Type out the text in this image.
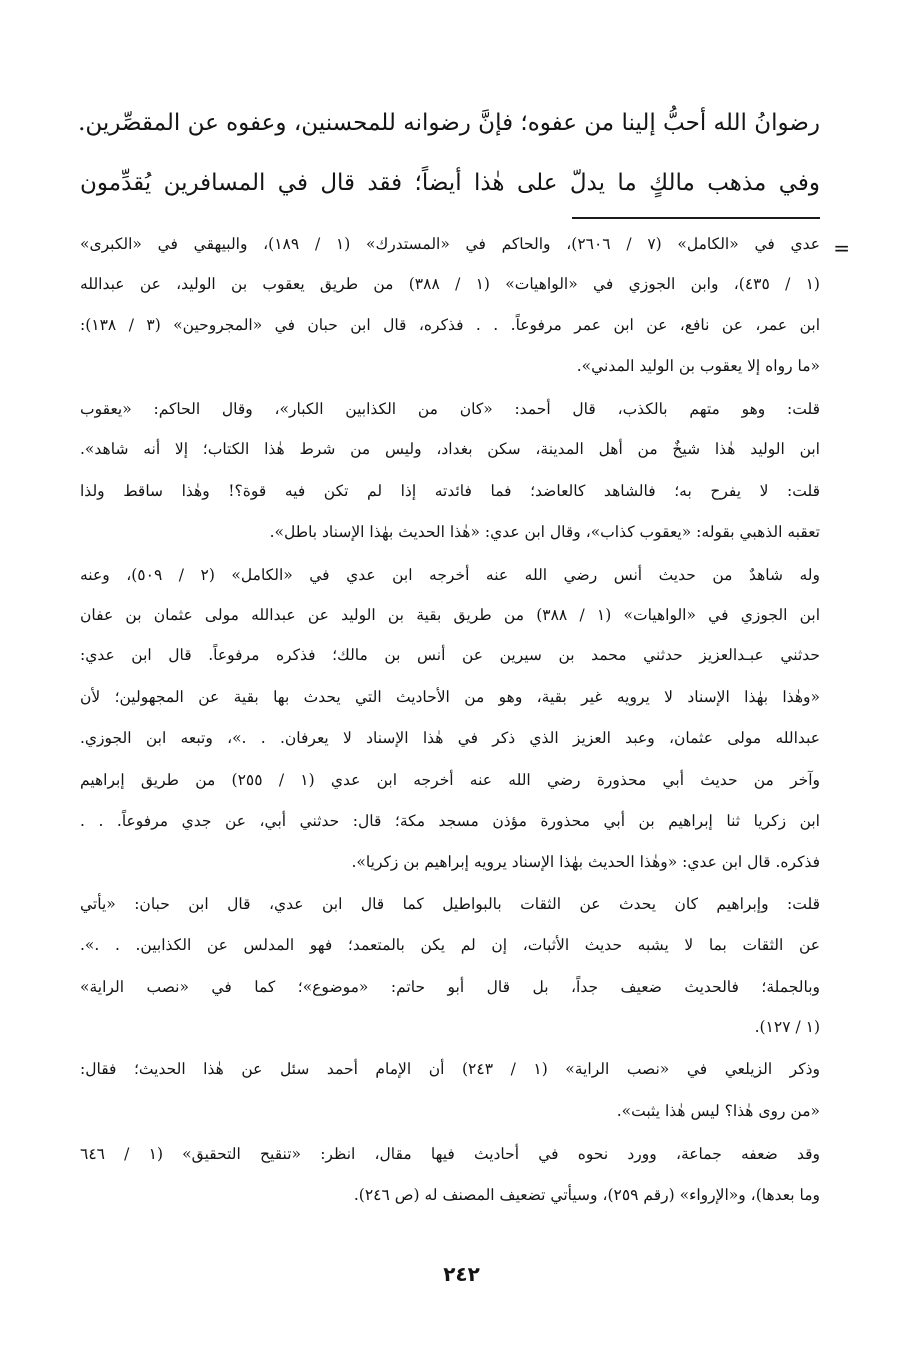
رضوانُ الله أحبُّ إلينا من عفوه؛ فإنَّ رضوانه للمحسنين، وعفوه عن المقصِّرين.
وفي مذهب مالكٍ ما يدلّ على هٰذا أيضاً؛ فقد قال في المسافرين يُقدِّمون
=
عدي في «الكامل» (٧ / ٢٦٠٦)، والحاكم في «المستدرك» (١ / ١٨٩)، والبيهقي في «الكبرى»
(١ / ٤٣٥)، وابن الجوزي في «الواهيات» (١ / ٣٨٨) من طريق يعقوب بن الوليد، عن عبدالله
ابن عمر، عن نافع، عن ابن عمر مرفوعاً. . . فذكره، قال ابن حبان في «المجروحين» (٣ / ١٣٨):
«ما رواه إلا يعقوب بن الوليد المدني».
قلت: وهو متهم بالكذب، قال أحمد: «كان من الكذابين الكبار»، وقال الحاكم: «يعقوب
ابن الوليد هٰذا شيخٌ من أهل المدينة، سكن بغداد، وليس من شرط هٰذا الكتاب؛ إلا أنه شاهد».
قلت: لا يفرح به؛ فالشاهد كالعاضد؛ فما فائدته إذا لم تكن فيه قوة؟! وهٰذا ساقط ولذا
تعقبه الذهبي بقوله: «يعقوب كذاب»، وقال ابن عدي: «هٰذا الحديث بهٰذا الإسناد باطل».
وله شاهدٌ من حديث أنس رضي الله عنه أخرجه ابن عدي في «الكامل» (٢ / ٥٠٩)، وعنه
ابن الجوزي في «الواهيات» (١ / ٣٨٨) من طريق بقية بن الوليد عن عبدالله مولى عثمان بن عفان
حدثني عبـدالعزيز حدثني محمد بن سيرين عن أنس بن مالك؛ فذكره مرفوعاً. قال ابن عدي:
«وهٰذا بهٰذا الإسناد لا يرويه غير بقية، وهو من الأحاديث التي يحدث بها بقية عن المجهولين؛ لأن
عبدالله مولى عثمان، وعبد العزيز الذي ذكر في هٰذا الإسناد لا يعرفان. . .»، وتبعه ابن الجوزي.
وآخر من حديث أبي محذورة رضي الله عنه أخرجه ابن عدي (١ / ٢٥٥) من طريق إبراهيم
ابن زكريا ثنا إبراهيم بن أبي محذورة مؤذن مسجد مكة؛ قال: حدثني أبي، عن جدي مرفوعاً. . .
فذكره. قال ابن عدي: «وهٰذا الحديث بهٰذا الإسناد يرويه إبراهيم بن زكريا».
قلت: وإبراهيم كان يحدث عن الثقات بالبواطيل كما قال ابن عدي، قال ابن حبان: «يأتي
عن الثقات بما لا يشبه حديث الأثبات، إن لم يكن بالمتعمد؛ فهو المدلس عن الكذابين. . .».
وبالجملة؛ فالحديث ضعيف جداً، بل قال أبو حاتم: «موضوع»؛ كما في «نصب الراية»
(١ / ١٢٧).
وذكر الزيلعي في «نصب الراية» (١ / ٢٤٣) أن الإمام أحمد سئل عن هٰذا الحديث؛ فقال:
«من روى هٰذا؟ ليس هٰذا يثبت».
وقد ضعفه جماعة، وورد نحوه في أحاديث فيها مقال، انظر: «تنقيح التحقيق» (١ / ٦٤٦
وما بعدها)، و«الإرواء» (رقم ٢٥٩)، وسيأتي تضعيف المصنف له (ص ٢٤٦).
٢٤٢
